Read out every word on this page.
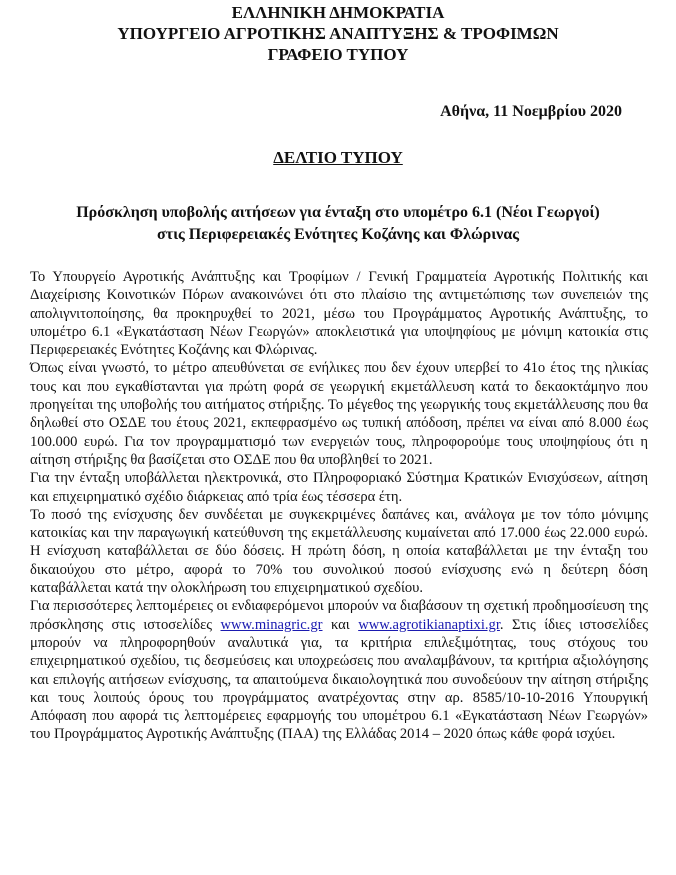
ΕΛΛΗΝΙΚΗ ΔΗΜΟΚΡΑΤΙΑ
ΥΠΟΥΡΓΕΙΟ ΑΓΡΟΤΙΚΗΣ ΑΝΑΠΤΥΞΗΣ & ΤΡΟΦΙΜΩΝ
ΓΡΑΦΕΙΟ ΤΥΠΟΥ
Αθήνα, 11 Νοεμβρίου 2020
ΔΕΛΤΙΟ ΤΥΠΟΥ
Πρόσκληση υποβολής αιτήσεων για ένταξη στο υπομέτρο 6.1 (Νέοι Γεωργοί)
στις Περιφερειακές Ενότητες Κοζάνης και Φλώρινας

Το Υπουργείο Αγροτικής Ανάπτυξης και Τροφίμων / Γενική Γραμματεία Αγροτικής Πολιτικής και Διαχείρισης Κοινοτικών Πόρων ανακοινώνει ότι στο πλαίσιο της αντιμετώπισης των συνεπειών της απολιγνιτοποίησης, θα προκηρυχθεί το 2021, μέσω του Προγράμματος Αγροτικής Ανάπτυξης, το υπομέτρο 6.1 «Εγκατάσταση Νέων Γεωργών» αποκλειστικά για υποψηφίους με μόνιμη κατοικία στις Περιφερειακές Ενότητες Κοζάνης και Φλώρινας.

Όπως είναι γνωστό, το μέτρο απευθύνεται σε ενήλικες που δεν έχουν υπερβεί το 41ο έτος της ηλικίας τους και που εγκαθίστανται για πρώτη φορά σε γεωργική εκμετάλλευση κατά το δεκαοκτάμηνο που προηγείται της υποβολής του αιτήματος στήριξης. Το μέγεθος της γεωργικής τους εκμετάλλευσης που θα δηλωθεί στο ΟΣΔΕ του έτους 2021, εκπεφρασμένο ως τυπική απόδοση, πρέπει να είναι από 8.000 έως 100.000 ευρώ. Για τον προγραμματισμό των ενεργειών τους, πληροφορούμε τους υποψηφίους ότι η αίτηση στήριξης θα βασίζεται στο ΟΣΔΕ που θα υποβληθεί το 2021.

Για την ένταξη υποβάλλεται ηλεκτρονικά, στο Πληροφοριακό Σύστημα Κρατικών Ενισχύσεων, αίτηση και επιχειρηματικό σχέδιο διάρκειας από τρία έως τέσσερα έτη.

Το ποσό της ενίσχυσης δεν συνδέεται με συγκεκριμένες δαπάνες και, ανάλογα με τον τόπο μόνιμης κατοικίας και την παραγωγική κατεύθυνση της εκμετάλλευσης κυμαίνεται από 17.000 έως 22.000 ευρώ. Η ενίσχυση καταβάλλεται σε δύο δόσεις. Η πρώτη δόση, η οποία καταβάλλεται με την ένταξη του δικαιούχου στο μέτρο, αφορά το 70% του συνολικού ποσού ενίσχυσης ενώ η δεύτερη δόση καταβάλλεται κατά την ολοκλήρωση του επιχειρηματικού σχεδίου.

Για περισσότερες λεπτομέρειες οι ενδιαφερόμενοι μπορούν να διαβάσουν τη σχετική προδημοσίευση της πρόσκλησης στις ιστοσελίδες www.minagric.gr και www.agrotikianaptixi.gr. Στις ίδιες ιστοσελίδες μπορούν να πληροφορηθούν αναλυτικά για, τα κριτήρια επιλεξιμότητας, τους στόχους του επιχειρηματικού σχεδίου, τις δεσμεύσεις και υποχρεώσεις που αναλαμβάνουν, τα κριτήρια αξιολόγησης και επιλογής αιτήσεων ενίσχυσης, τα απαιτούμενα δικαιολογητικά που συνοδεύουν την αίτηση στήριξης και τους λοιπούς όρους του προγράμματος ανατρέχοντας στην αρ. 8585/10-10-2016 Υπουργική Απόφαση που αφορά τις λεπτομέρειες εφαρμογής του υπομέτρου 6.1 «Εγκατάσταση Νέων Γεωργών» του Προγράμματος Αγροτικής Ανάπτυξης (ΠΑΑ) της Ελλάδας 2014 – 2020 όπως κάθε φορά ισχύει.
